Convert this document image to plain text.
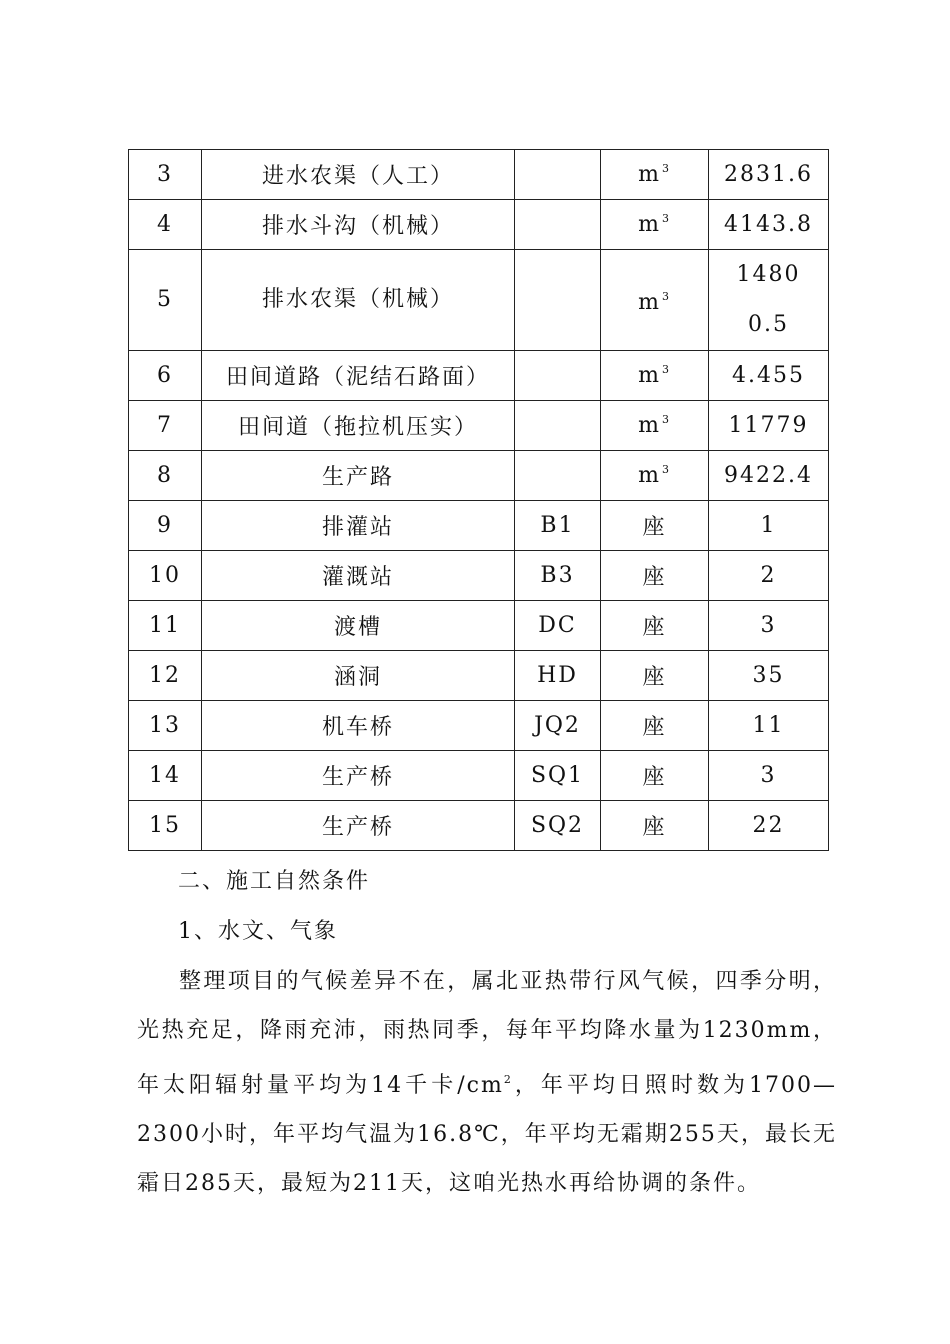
3	进水农渠（人工）		$m^3$	2831.6
4	排水斗沟（机械）		$m^3$	4143.8
5	排水农渠（机械）		$m^3$	14800.5
6	田间道路（泥结石路面）		$m^3$	4.455
7	田间道（拖拉机压实）		$m^3$	11779
8	生产路		$m^3$	9422.4
9	排灌站	B1	座	1
10	灌溉站	B3	座	2
11	渡槽	DC	座	3
12	涵洞	HD	座	35
13	机车桥	JQ2	座	11
14	生产桥	SQ1	座	3
15	生产桥	SQ2	座	22
二、施工自然条件
1、水文、气象
整理项目的气候差异不在，属北亚热带行风气候，四季分明，光热充足，降雨充沛，雨热同季，每年平均降水量为1230mm，年太阳辐射量平均为14千卡$/cm^2$，年平均日照时数为1700—2300小时，年平均气温为16.8℃，年平均无霜期255天，最长无霜日285天，最短为211天，这咱光热水再给协调的条件。
